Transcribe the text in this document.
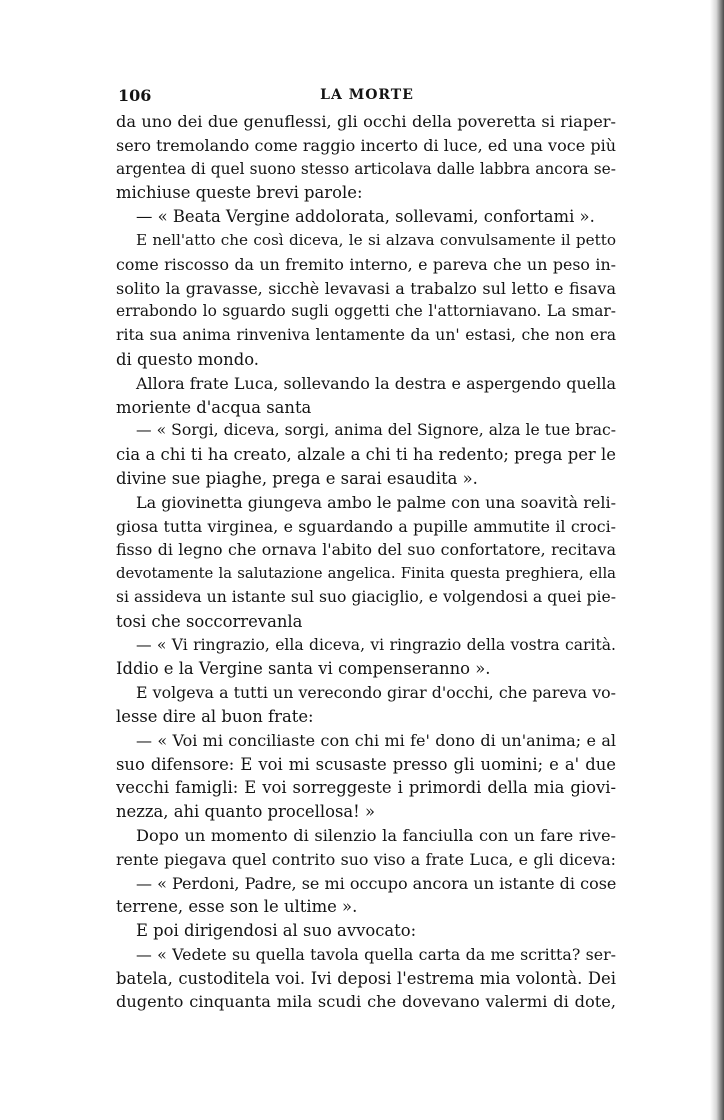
106	LA MORTE
da uno dei due genuflessi, gli occhi della poveretta si riaper-
sero tremolando come raggio incerto di luce, ed una voce più
argentea di quel suono stesso articolava dalle labbra ancora se-
michiuse queste brevi parole:
— « Beata Vergine addolorata, sollevami, confortami ».
E nell'atto che così diceva, le si alzava convulsamente il petto
come riscosso da un fremito interno, e pareva che un peso in-
solito la gravasse, sicchè levavasi a trabalzo sul letto e fisava
errabondo lo sguardo sugli oggetti che l'attorniavano. La smar-
rita sua anima rinveniva lentamente da un' estasi, che non era
di questo mondo.
Allora frate Luca, sollevando la destra e aspergendo quella
moriente d'acqua santa
— « Sorgi, diceva, sorgi, anima del Signore, alza le tue brac-
cia a chi ti ha creato, alzale a chi ti ha redento; prega per le
divine sue piaghe, prega e sarai esaudita ».
La giovinetta giungeva ambo le palme con una soavità reli-
giosa tutta virginea, e sguardando a pupille ammutite il croci-
fisso di legno che ornava l'abito del suo confortatore, recitava
devotamente la salutazione angelica. Finita questa preghiera, ella
si assideva un istante sul suo giaciglio, e volgendosi a quei pie-
tosi che soccorrevanla
— « Vi ringrazio, ella diceva, vi ringrazio della vostra carità.
Iddio e la Vergine santa vi compenseranno ».
E volgeva a tutti un verecondo girar d'occhi, che pareva vo-
lesse dire al buon frate:
— « Voi mi conciliaste con chi mi fe' dono di un'anima; e al
suo difensore: E voi mi scusaste presso gli uomini; e a' due
vecchi famigli: E voi sorreggeste i primordi della mia giovi-
nezza, ahi quanto procellosa! »
Dopo un momento di silenzio la fanciulla con un fare rive-
rente piegava quel contrito suo viso a frate Luca, e gli diceva:
— « Perdoni, Padre, se mi occupo ancora un istante di cose
terrene, esse son le ultime ».
E poi dirigendosi al suo avvocato:
— « Vedete su quella tavola quella carta da me scritta? ser-
batela, custoditela voi. Ivi deposi l'estrema mia volontà. Dei
dugento cinquanta mila scudi che dovevano valermi di dote,
